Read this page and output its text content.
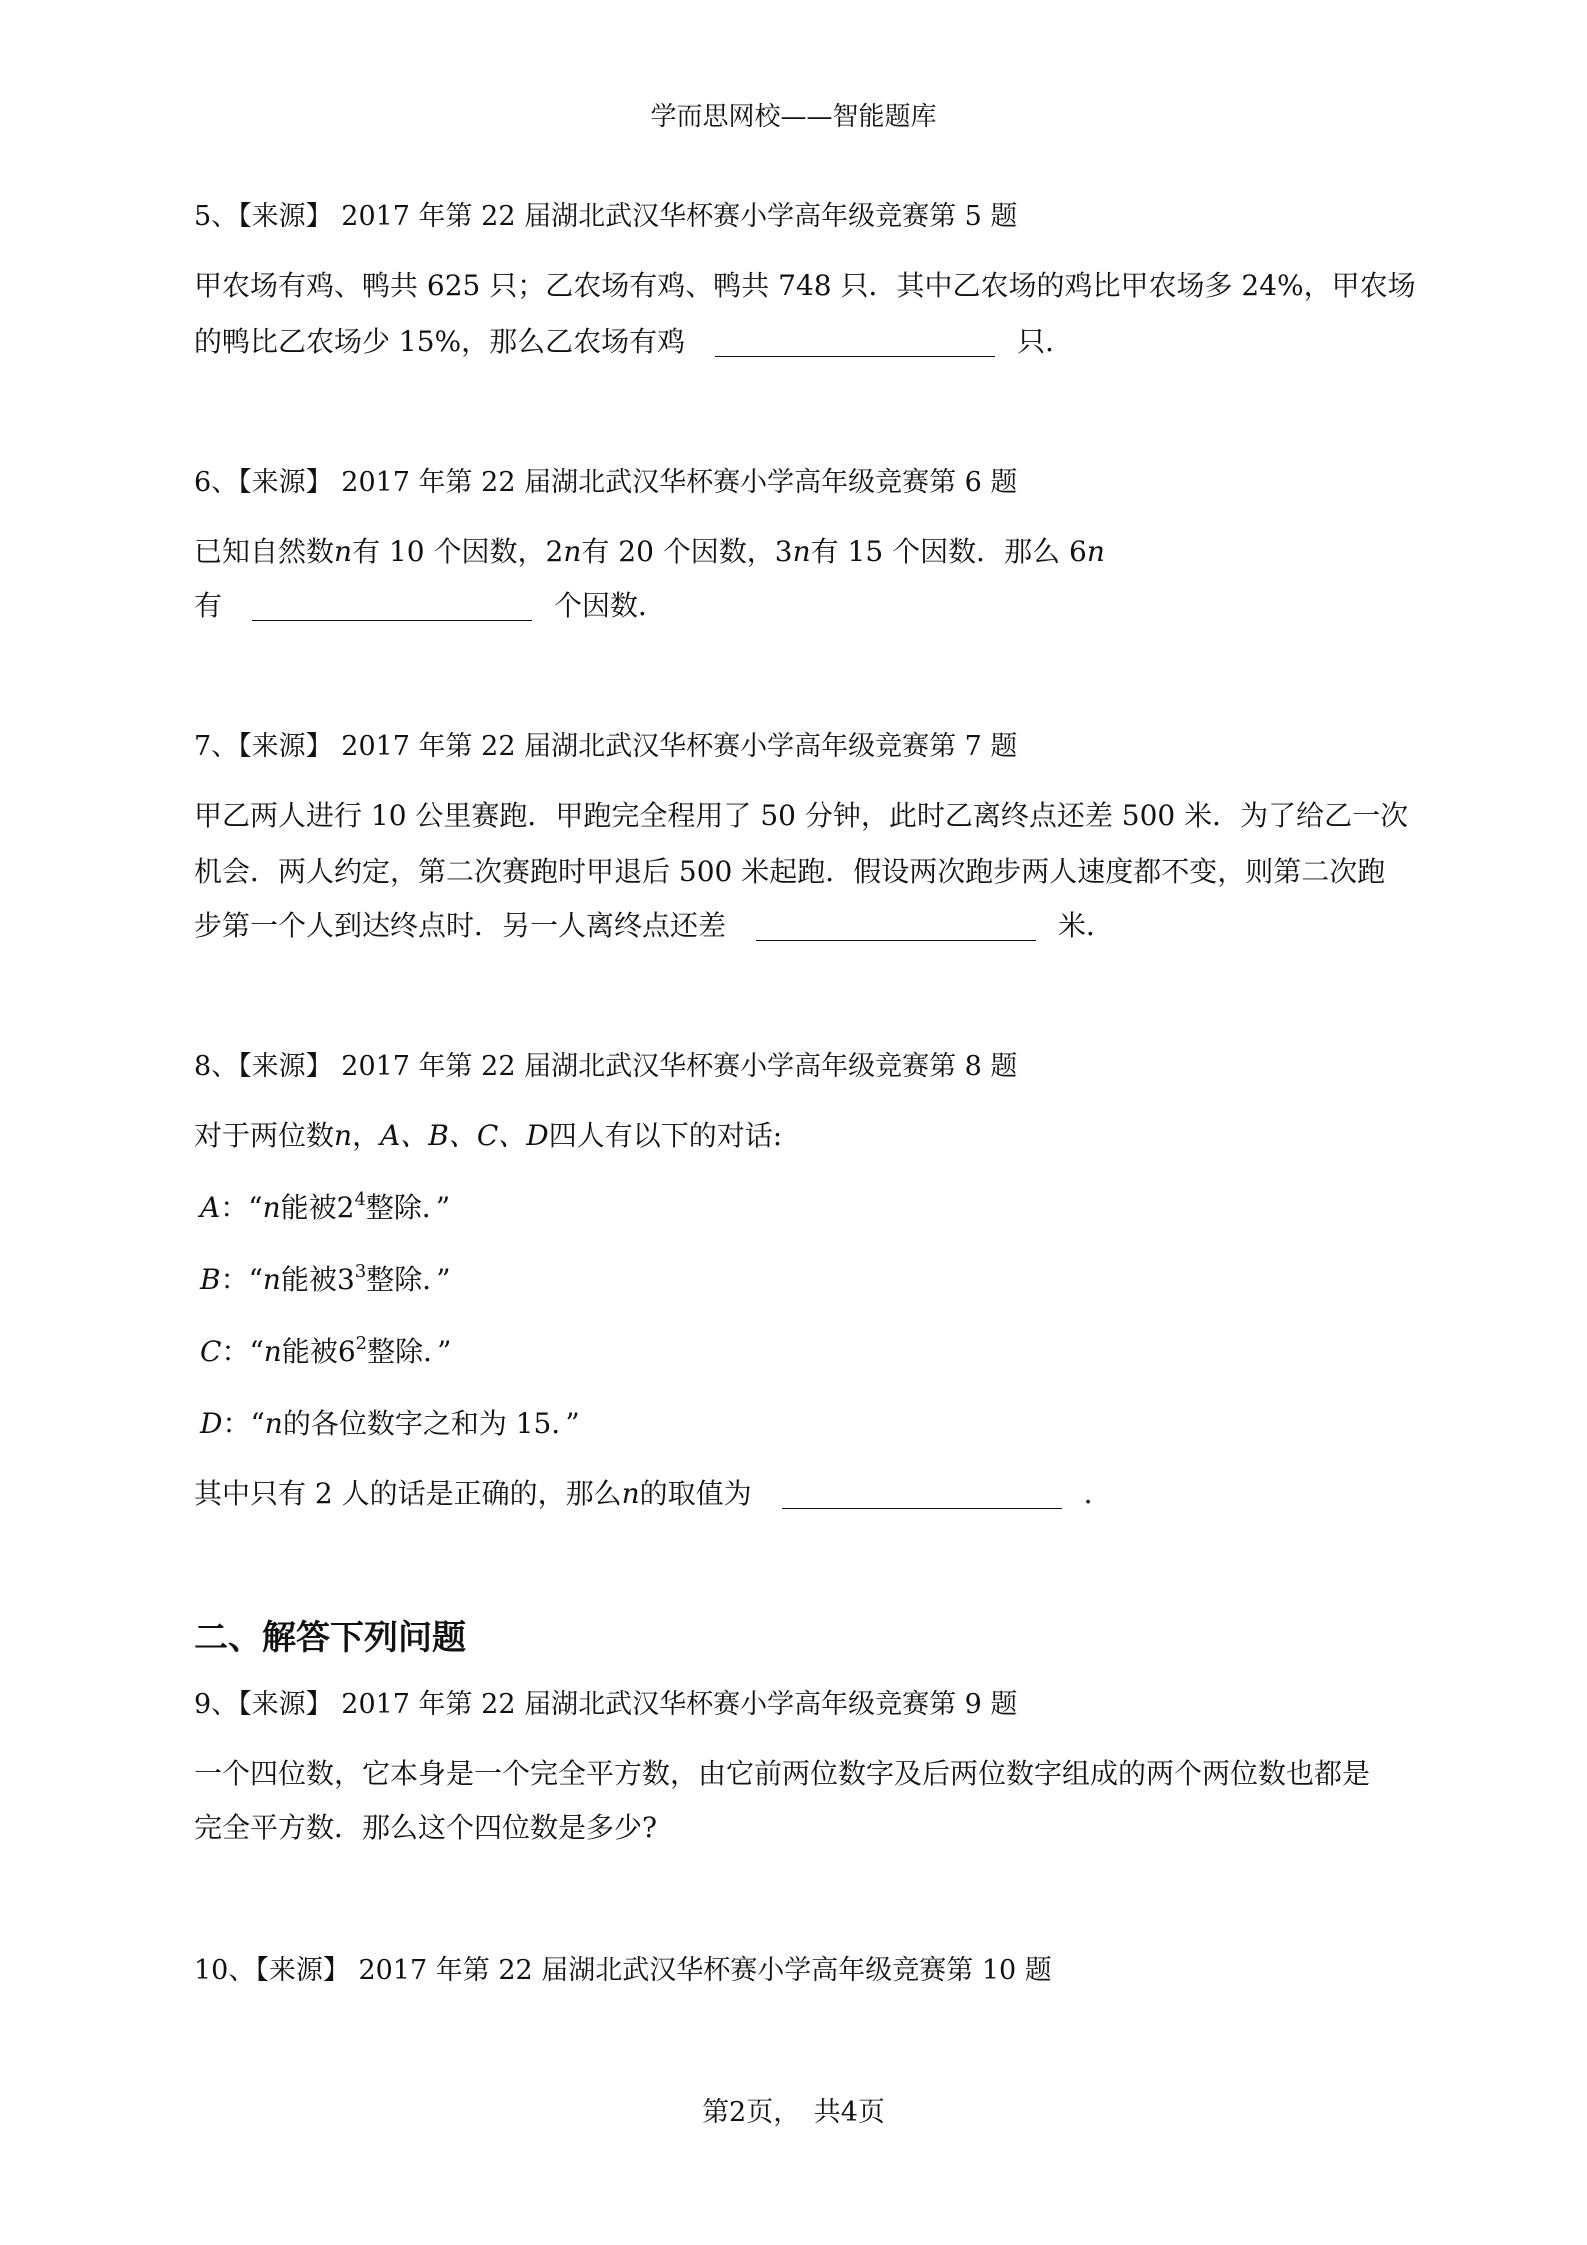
学而思网校——智能题库
5、【来源】 2017 年第 22 届湖北武汉华杯赛小学高年级竞赛第 5 题
甲农场有鸡、鸭共 625 只；乙农场有鸡、鸭共 748 只．其中乙农场的鸡比甲农场多 24%，甲农场
的鸭比乙农场少 15%，那么乙农场有鸡	只．
6、【来源】 2017 年第 22 届湖北武汉华杯赛小学高年级竞赛第 6 题
已知自然数n有 10 个因数，2n有 20 个因数，3n有 15 个因数．那么 6n
有	个因数．
7、【来源】 2017 年第 22 届湖北武汉华杯赛小学高年级竞赛第 7 题
甲乙两人进行 10 公里赛跑．甲跑完全程用了 50 分钟，此时乙离终点还差 500 米．为了给乙一次
机会．两人约定，第二次赛跑时甲退后 500 米起跑．假设两次跑步两人速度都不变，则第二次跑
步第一个人到达终点时．另一人离终点还差	米．
8、【来源】 2017 年第 22 届湖北武汉华杯赛小学高年级竞赛第 8 题
对于两位数n，A、B、C、D四人有以下的对话:
A：“n能被$2^4$整除．”
B：“n能被$3^3$整除．”
C：“n能被$6^2$整除．”
D：“n的各位数字之和为 15．”
其中只有 2 人的话是正确的，那么n的取值为	．
二、解答下列问题
9、【来源】 2017 年第 22 届湖北武汉华杯赛小学高年级竞赛第 9 题
一个四位数，它本身是一个完全平方数，由它前两位数字及后两位数字组成的两个两位数也都是
完全平方数．那么这个四位数是多少?
10、【来源】 2017 年第 22 届湖北武汉华杯赛小学高年级竞赛第 10 题
第2页，　共4页
